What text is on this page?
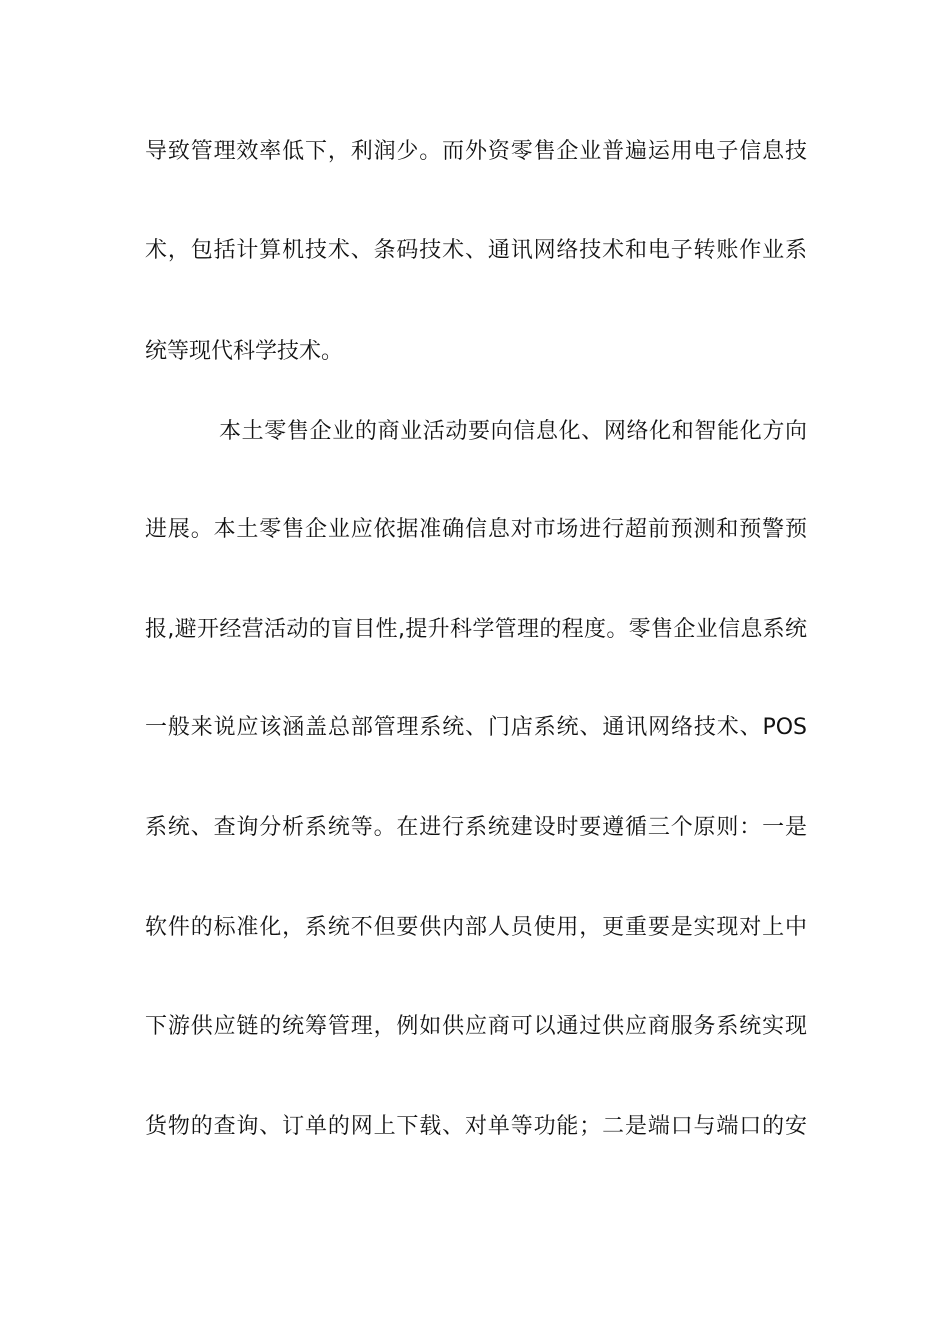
导致管理效率低下，利润少。而外资零售企业普遍运用电子信息技
术，包括计算机技术、条码技术、通讯网络技术和电子转账作业系
统等现代科学技术。
本土零售企业的商业活动要向信息化、网络化和智能化方向
进展。本土零售企业应依据准确信息对市场进行超前预测和预警预
报,避开经营活动的盲目性,提升科学管理的程度。零售企业信息系统
一般来说应该涵盖总部管理系统、门店系统、通讯网络技术、POS
系统、查询分析系统等。在进行系统建设时要遵循三个原则：一是
软件的标准化，系统不但要供内部人员使用，更重要是实现对上中
下游供应链的统筹管理，例如供应商可以通过供应商服务系统实现
货物的查询、订单的网上下载、对单等功能；二是端口与端口的安
